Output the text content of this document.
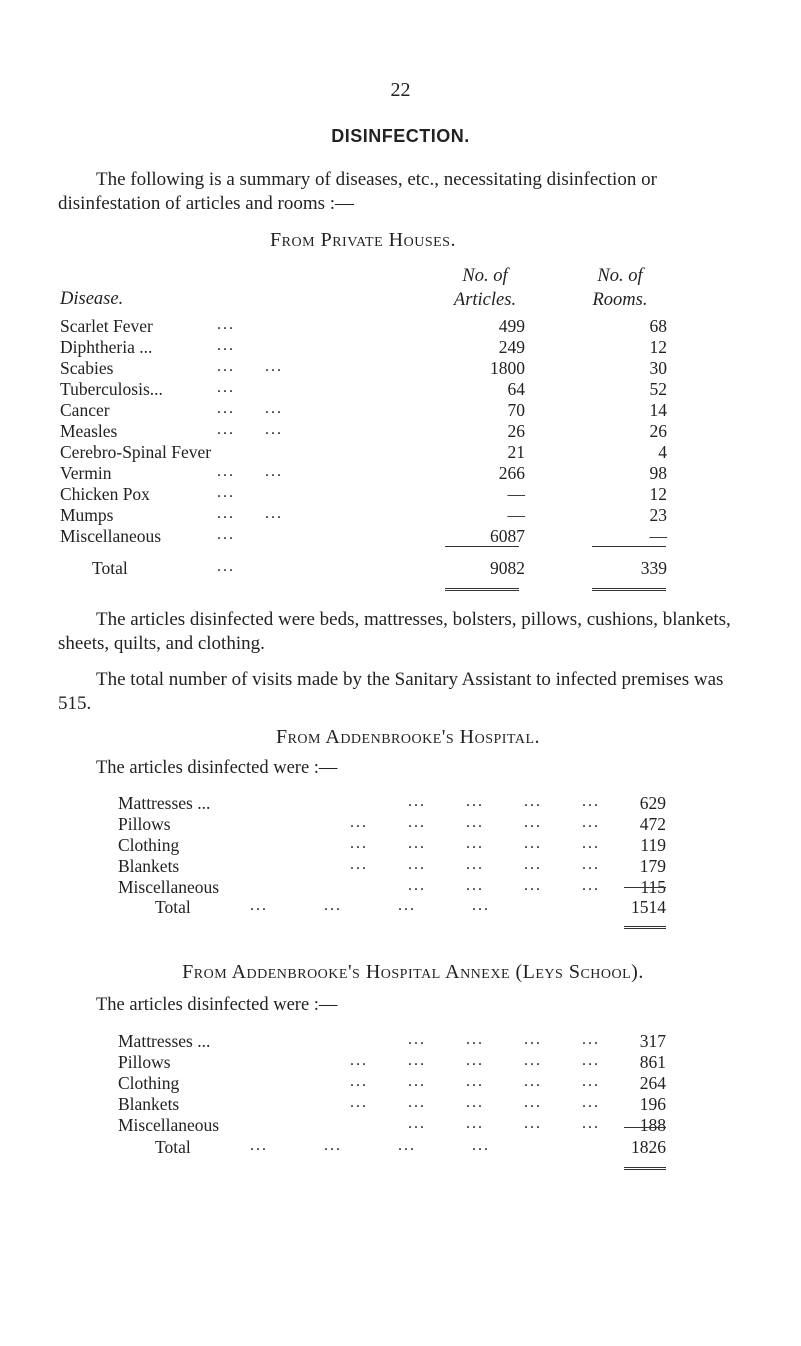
22
DISINFECTION.
The following is a summary of diseases, etc., necessitating disinfection or disinfestation of articles and rooms :—
From Private Houses.
Disease.
No. of
Articles.
No. of
Rooms.
Scarlet Fever	...	499	68
Diphtheria ...	...	249	12
Scabies	... ...	1800	30
Tuberculosis...	...	64	52
Cancer	... ...	70	14
Measles	... ...	26	26
Cerebro-Spinal Fever	21	4
Vermin	... ...	266	98
Chicken Pox	...	—	12
Mumps	... ...	—	23
Miscellaneous	...	6087	—
Total	...	9082	339
The articles disinfected were beds, mattresses, bolsters, pillows, cushions, blankets, sheets, quilts, and clothing.
The total number of visits made by the Sanitary Assistant to infected premises was 515.
From Addenbrooke's Hospital.
The articles disinfected were :—
Mattresses ...	... ... ... ...	629
Pillows	... ... ... ... ...	472
Clothing	... ... ... ... ...	119
Blankets	... ... ... ... ...	179
Miscellaneous	... ... ... ...	115
Total	... ... ... ...	1514
From Addenbrooke's Hospital Annexe (Leys School).
The articles disinfected were :—
Mattresses ...	... ... ... ...	317
Pillows	... ... ... ... ...	861
Clothing	... ... ... ... ...	264
Blankets	... ... ... ... ...	196
Miscellaneous	... ... ... ...	188
Total	... ... ... ...	1826
